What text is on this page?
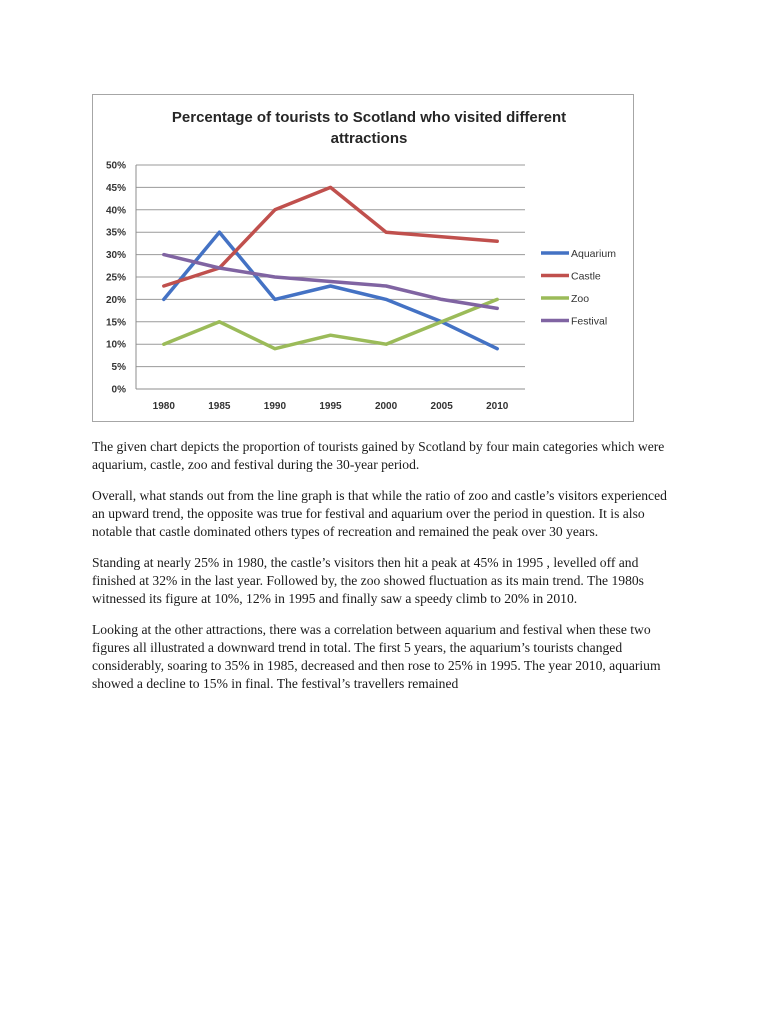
Percentage of tourists to Scotland who visited different
attractions
0%
5%
10%
15%
20%
25%
30%
35%
40%
45%
50%
1980	1985	1990	1995	2000	2005	2010
Aquarium
Castle
Zoo
Festival

The given chart depicts the proportion of tourists gained by Scotland by four main categories which were aquarium, castle, zoo and festival during the 30-year period.

Overall, what stands out from the line graph is that while the ratio of zoo and castle’s visitors experienced an upward trend, the opposite was true for festival and aquarium over the period in question. It is also notable that castle dominated others types of recreation and remained the peak over 30 years.

Standing at nearly 25% in 1980, the castle’s visitors then hit a peak at 45% in 1995 , levelled off and finished at 32% in the last year. Followed by, the zoo showed fluctuation as its main trend. The 1980s witnessed its figure at 10%, 12% in 1995 and finally saw a speedy climb to 20% in 2010.

Looking at the other attractions, there was a correlation between aquarium and festival when these two figures all illustrated a downward trend in total. The first 5 years, the aquarium’s tourists changed considerably, soaring to 35% in 1985, decreased and then rose to 25% in 1995. The year 2010, aquarium showed a decline to 15% in final. The festival’s travellers remained
